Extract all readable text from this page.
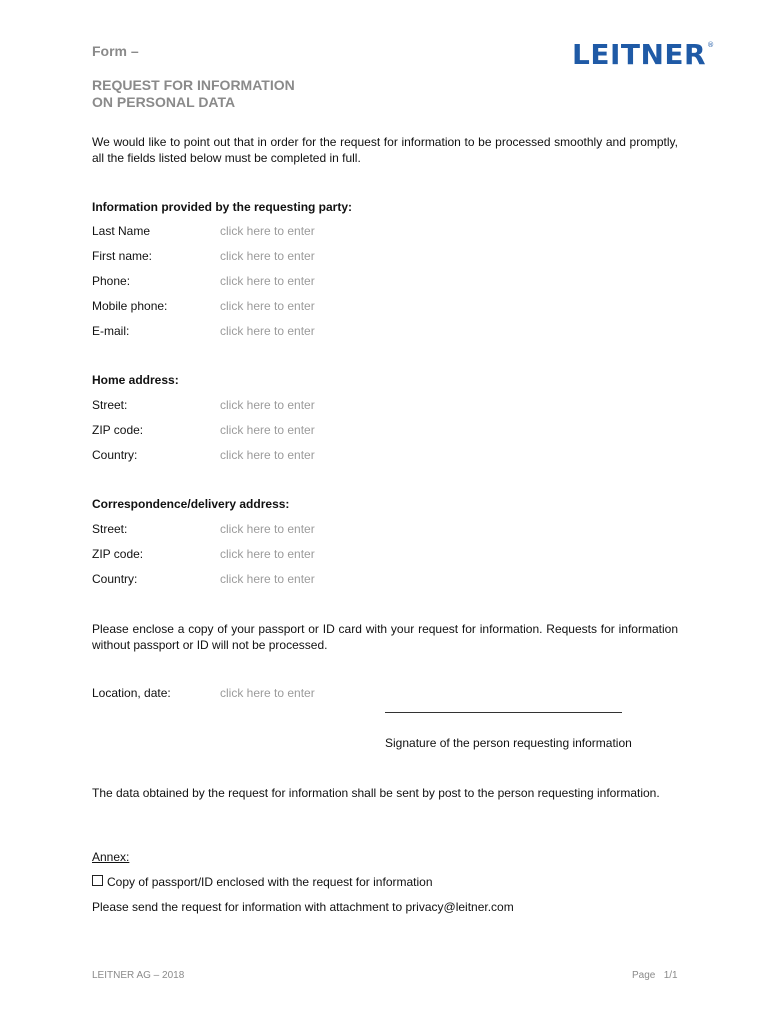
Form –
REQUEST FOR INFORMATION
ON PERSONAL DATA
LEITNER®
We would like to point out that in order for the request for information to be processed smoothly and promptly, all the fields listed below must be completed in full.
Information provided by the requesting party:
Last Name	click here to enter
First name:	click here to enter
Phone:	click here to enter
Mobile phone:	click here to enter
E-mail:	click here to enter
Home address:
Street:	click here to enter
ZIP code:	click here to enter
Country:	click here to enter
Correspondence/delivery address:
Street:	click here to enter
ZIP code:	click here to enter
Country:	click here to enter
Please enclose a copy of your passport or ID card with your request for information. Requests for information without passport or ID will not be processed.
Location, date:	click here to enter
Signature of the person requesting information
The data obtained by the request for information shall be sent by post to the person requesting information.
Annex:
Copy of passport/ID enclosed with the request for information
Please send the request for information with attachment to privacy@leitner.com
LEITNER AG – 2018	Page   1/1
